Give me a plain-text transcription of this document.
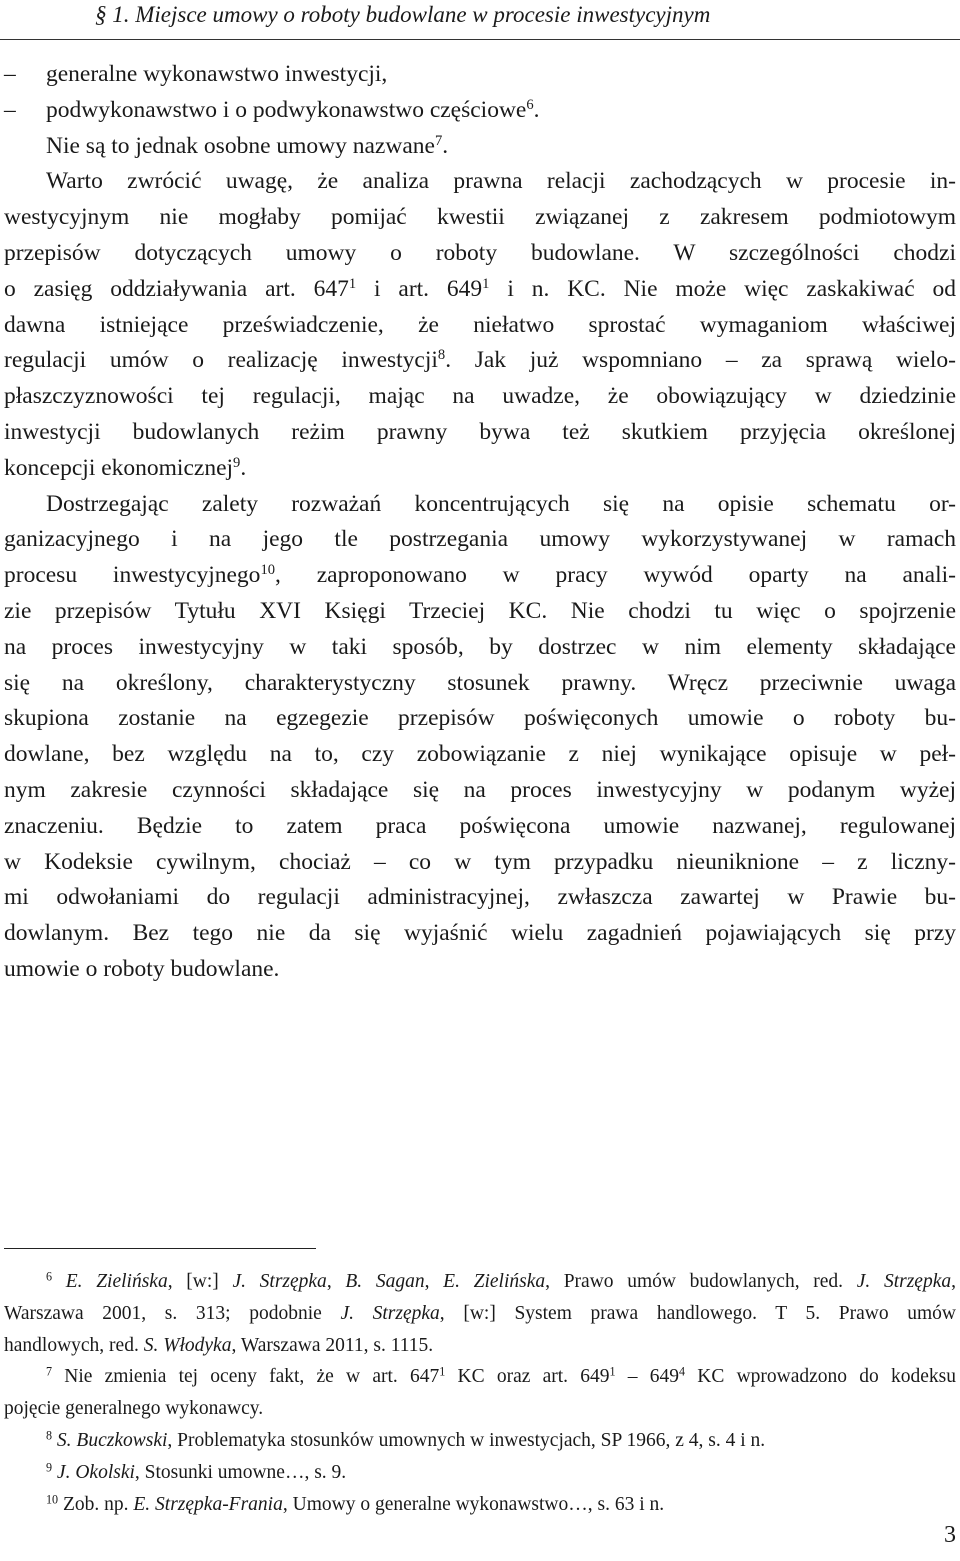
§ 1. Miejsce umowy o roboty budowlane w procesie inwestycyjnym
– generalne wykonawstwo inwestycji,
– podwykonawstwo i o podwykonawstwo częściowe$^6$.
Nie są to jednak osobne umowy nazwane$^7$.
Warto zwrócić uwagę, że analiza prawna relacji zachodzących w procesie in-
westycyjnym nie mogłaby pomijać kwestii związanej z zakresem podmiotowym
przepisów dotyczących umowy o roboty budowlane. W szczególności chodzi
o zasięg oddziaływania art. $647^1$ i art. $649^1$ i n. KC. Nie może więc zaskakiwać od
dawna istniejące przeświadczenie, że niełatwo sprostać wymaganiom właściwej
regulacji umów o realizację inwestycji$^8$. Jak już wspomniano – za sprawą wielo-
płaszczyznowości tej regulacji, mając na uwadze, że obowiązujący w dziedzinie
inwestycji budowlanych reżim prawny bywa też skutkiem przyjęcia określonej
koncepcji ekonomicznej$^9$.
Dostrzegając zalety rozważań koncentrujących się na opisie schematu or-
ganizacyjnego i na jego tle postrzegania umowy wykorzystywanej w ramach
procesu inwestycyjnego$^{10}$, zaproponowano w pracy wywód oparty na anali-
zie przepisów Tytułu XVI Księgi Trzeciej KC. Nie chodzi tu więc o spojrzenie
na proces inwestycyjny w taki sposób, by dostrzec w nim elementy składające
się na określony, charakterystyczny stosunek prawny. Wręcz przeciwnie uwaga
skupiona zostanie na egzegezie przepisów poświęconych umowie o roboty bu-
dowlane, bez względu na to, czy zobowiązanie z niej wynikające opisuje w peł-
nym zakresie czynności składające się na proces inwestycyjny w podanym wyżej
znaczeniu. Będzie to zatem praca poświęcona umowie nazwanej, regulowanej
w Kodeksie cywilnym, chociaż – co w tym przypadku nieuniknione – z liczny-
mi odwołaniami do regulacji administracyjnej, zwłaszcza zawartej w Prawie bu-
dowlanym. Bez tego nie da się wyjaśnić wielu zagadnień pojawiających się przy
umowie o roboty budowlane.
$^6$ E. Zielińska, [w:] J. Strzępka, B. Sagan, E. Zielińska, Prawo umów budowlanych, red. J. Strzępka,
Warszawa 2001, s. 313; podobnie J. Strzępka, [w:] System prawa handlowego. T 5. Prawo umów
handlowych, red. S. Włodyka, Warszawa 2011, s. 1115.
$^7$ Nie zmienia tej oceny fakt, że w art. $647^1$ KC oraz art. $649^1 - 649^4$ KC wprowadzono do kodeksu
pojęcie generalnego wykonawcy.
$^8$ S. Buczkowski, Problematyka stosunków umownych w inwestycjach, SP 1966, z 4, s. 4 i n.
$^9$ J. Okolski, Stosunki umowne…, s. 9.
$^{10}$ Zob. np. E. Strzępka-Frania, Umowy o generalne wykonawstwo…, s. 63 i n.
3
